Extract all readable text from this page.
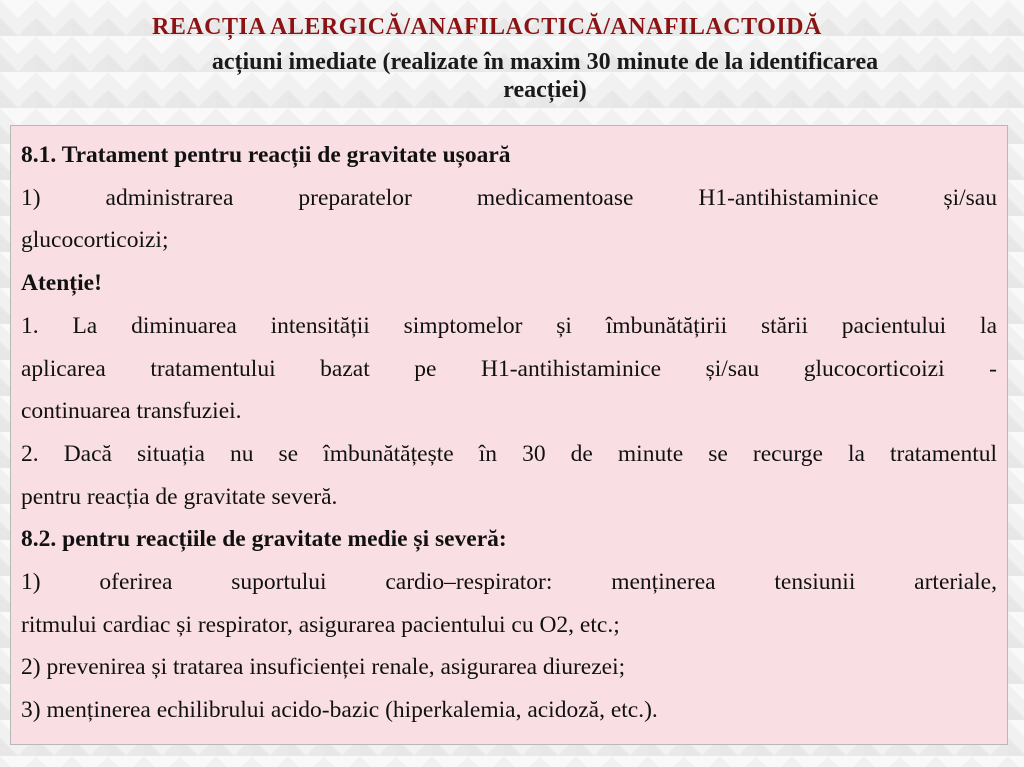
REACȚIA ALERGICĂ/ANAFILACTICĂ/ANAFILACTOIDĂ
acțiuni imediate (realizate în maxim 30 minute de la identificarea
reacției)
8.1. Tratament pentru reacții de gravitate ușoară
1) administrarea preparatelor medicamentoase H1-antihistaminice și/sau
glucocorticoizi;
Atenție!
1. La diminuarea intensității simptomelor și îmbunătățirii stării pacientului la
aplicarea tratamentului bazat pe H1-antihistaminice și/sau glucocorticoizi -
continuarea transfuziei.
2. Dacă situația nu se îmbunătățește în 30 de minute se recurge la tratamentul
pentru reacția de gravitate severă.
8.2. pentru reacțiile de gravitate medie și severă:
1) oferirea suportului cardio–respirator: menținerea tensiunii arteriale,
ritmului cardiac și respirator, asigurarea pacientului cu O2, etc.;
2) prevenirea și tratarea insuficienței renale, asigurarea diurezei;
3) menținerea echilibrului acido-bazic (hiperkalemia, acidoză, etc.).
